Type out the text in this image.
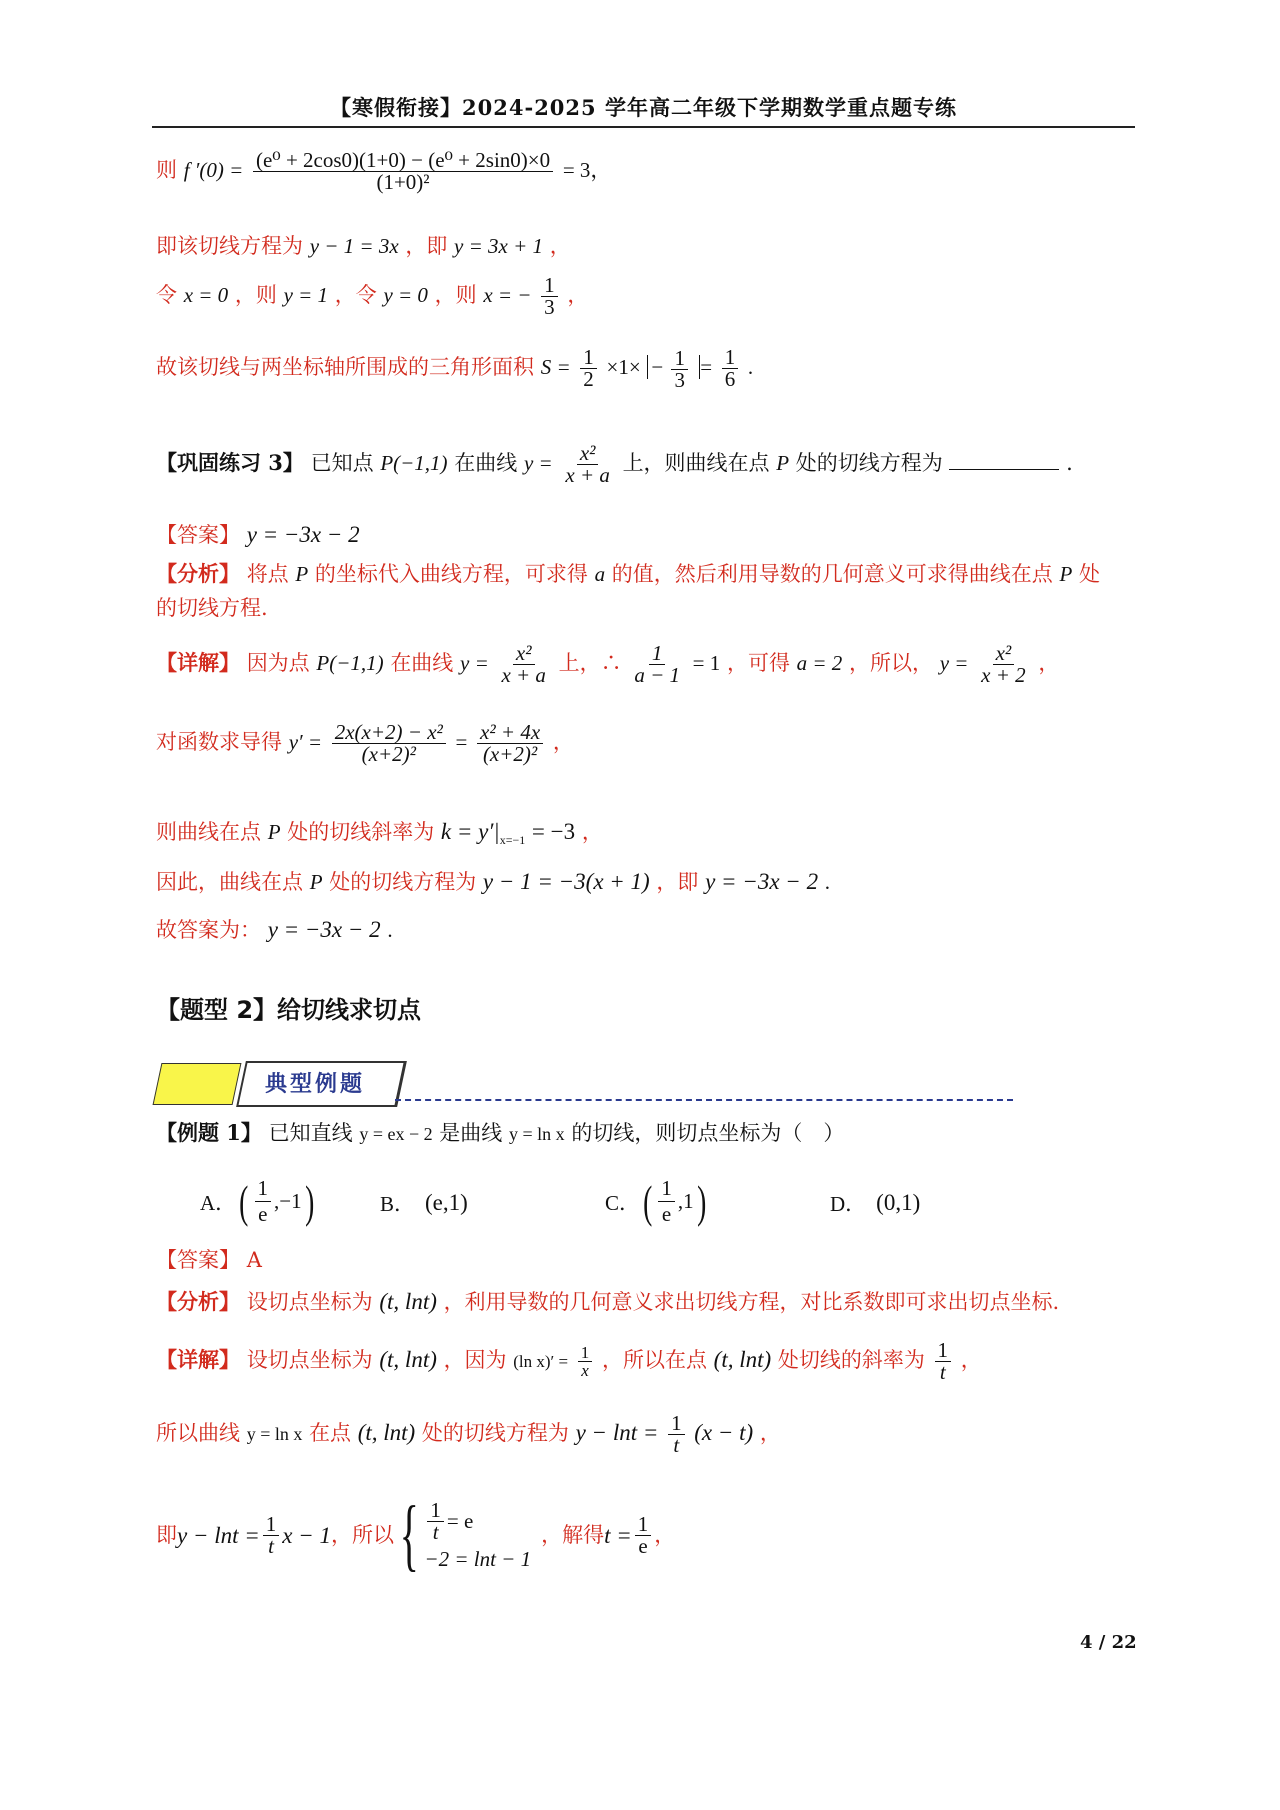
【寒假衔接】2024-2025 学年高二年级下学期数学重点题专练
则 f $'(0) = \frac{\text{(e⁰ + 2cos0)(1+0) − (e⁰ + 2sin0)×0}}{\text{(1+0)²}} = 3$，
即该切线方程为 y − 1 = 3x ，即 y = 3x + 1 ，
令 x = 0 ，则 y = 1 ，令 y = 0 ，则 x = − $\frac{1}{3}$ ，
故该切线与两坐标轴所围成的三角形面积 $S = \frac{1}{2} \times 1\times - \frac{1}{3} = \frac{1}{6}$ .
【巩固练习 3】 已知点 P(−1,1) 在曲线 $y = \frac{\text{x²}}{x + a}$ 上，则曲线在点 P 处的切线方程为	.
【答案】 y = −3x − 2
【分析】 将点 P 的坐标代入曲线方程，可求得 a 的值，然后利用导数的几何意义可求得曲线在点 P 处
的切线方程.
【详解】 因为点 P(−1,1) 在曲线 $y = \frac{\text{x²}}{x + a}$ 上，∴ $\frac{1}{a - 1} = 1$ ，可得 a = 2 ，所以， $y = \frac{\text{x²}}{x + 2}$ ，
对函数求导得 $y' = \frac{\text{2x(x+2) − x²}}{\text{(x+2)²}} = \frac{\text{x² + 4x}}{\text{(x+2)²}}$ ，
则曲线在点 P 处的切线斜率为 $k = y'|_{x=-1} = -3$ ，
因此，曲线在点 P 处的切线方程为 y − 1 = −3(x + 1) ，即 y = −3x − 2 .
故答案为： y = −3x − 2 .
【题型 2】给切线求切点
典型例题
【例题 1】 已知直线 y = ex − 2 是曲线 y = ln x 的切线，则切点坐标为（　）
A． ( $\frac{1}{e} ,-1$ )	B． (e,1)	C． ( $\frac{1}{e} ,1$ )	D． (0,1)
【答案】 A
【分析】 设切点坐标为 (t, lnt) ，利用导数的几何意义求出切线方程，对比系数即可求出切点坐标.
【详解】 设切点坐标为 (t, lnt) ，因为 (ln $x)' = \frac{1}{x}$ ，所以在点 (t, lnt) 处切线的斜率为 $\frac{1}{t}$ ，
所以曲线 y = ln x 在点 (t, lnt) 处的切线方程为 $y - \ln t = \frac{1}{t} (x - t)$ ，
即 $y - \ln t = \frac{1}{t}$ x − 1 ，所以 { $\frac{1}{t} = e$
−2 = lnt − 1
，解得 $t = \frac{1}{e}$ ，
4 / 22
